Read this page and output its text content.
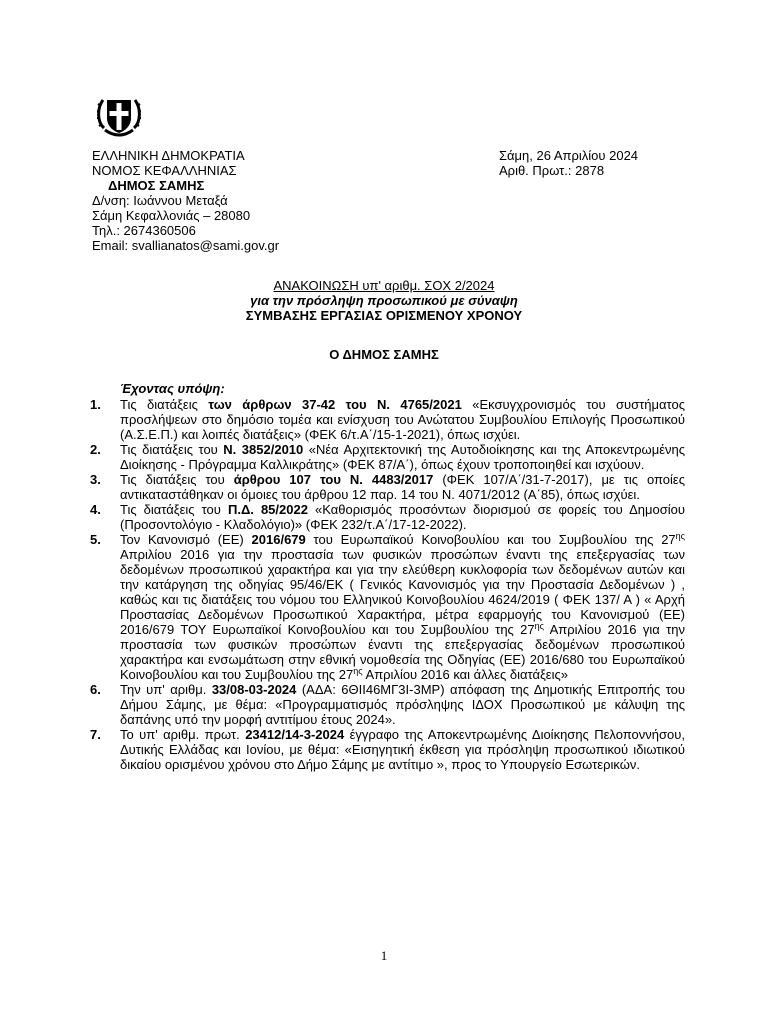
ΕΛΛΗΝΙΚΗ ΔΗΜΟΚΡΑΤΙΑ
ΝΟΜΟΣ ΚΕΦΑΛΛΗΝΙΑΣ
ΔΗΜΟΣ ΣΑΜΗΣ
Δ/νση: Ιωάννου Μεταξά
Σάμη Κεφαλλονιάς – 28080
Τηλ.: 2674360506
Email: svallianatos@sami.gov.gr
Σάμη, 26 Απριλίου 2024
Αριθ. Πρωτ.: 2878
ΑΝΑΚΟΙΝΩΣΗ υπ' αριθμ. ΣΟΧ 2/2024
για την πρόσληψη προσωπικού με σύναψη
ΣΥΜΒΑΣΗΣ ΕΡΓΑΣΙΑΣ ΟΡΙΣΜΕΝΟΥ ΧΡΟΝΟΥ
Ο ΔΗΜΟΣ ΣΑΜΗΣ
Έχοντας υπόψη:

1. Τις διατάξεις των άρθρων 37-42 του Ν. 4765/2021 «Εκσυγχρονισμός του συστήματος προσλήψεων στο δημόσιο τομέα και ενίσχυση του Ανώτατου Συμβουλίου Επιλογής Προσωπικού (Α.Σ.Ε.Π.) και λοιπές διατάξεις» (ΦΕΚ 6/τ.Α΄/15-1-2021), όπως ισχύει.

2. Τις διατάξεις του Ν. 3852/2010 «Νέα Αρχιτεκτονική της Αυτοδιοίκησης και της Αποκεντρωμένης Διοίκησης - Πρόγραμμα Καλλικράτης» (ΦΕΚ 87/Α΄), όπως έχουν τροποποιηθεί και ισχύουν.

3. Τις διατάξεις του άρθρου 107 του Ν. 4483/2017 (ΦΕΚ 107/Α΄/31-7-2017), με τις οποίες αντικαταστάθηκαν οι όμοιες του άρθρου 12 παρ. 14 του Ν. 4071/2012 (Α΄85), όπως ισχύει.

4. Τις διατάξεις του Π.Δ. 85/2022 «Καθορισμός προσόντων διορισμού σε φορείς του Δημοσίου (Προσοντολόγιο - Κλαδολόγιο)» (ΦΕΚ 232/τ.Α΄/17-12-2022).

5. Τον Κανονισμό (ΕΕ) 2016/679 του Ευρωπαϊκού Κοινοβουλίου και του Συμβουλίου της $27^{\eta\varsigma}$ Απριλίου 2016 για την προστασία των φυσικών προσώπων έναντι της επεξεργασίας των δεδομένων προσωπικού χαρακτήρα και για την ελεύθερη κυκλοφορία των δεδομένων αυτών και την κατάργηση της οδηγίας 95/46/ΕΚ ( Γενικός Κανονισμός για την Προστασία Δεδομένων ) , καθώς και τις διατάξεις του νόμου του Ελληνικού Κοινοβουλίου 4624/2019 ( ΦΕΚ 137/ Α ) « Αρχή Προστασίας Δεδομένων Προσωπικού Χαρακτήρα, μέτρα εφαρμογής του Κανονισμού (ΕΕ) 2016/679 ΤΟΥ Ευρωπαϊκοί Κοινοβουλίου και του Συμβουλίου της $27^{\eta\varsigma}$ Απριλίου 2016 για την προστασία των φυσικών προσώπων έναντι της επεξεργασίας δεδομένων προσωπικού χαρακτήρα και ενσωμάτωση στην εθνική νομοθεσία της Οδηγίας (ΕΕ) 2016/680 του Ευρωπαϊκού Κοινοβουλίου και του Συμβουλίου της $27^{\eta\varsigma}$ Απριλίου 2016 και άλλες διατάξεις»

6. Την υπ' αριθμ. 33/08-03-2024 (ΑΔΑ: 6ΘΙΙ46ΜΓ3Ι-3ΜΡ) απόφαση της Δημοτικής Επιτροπής του Δήμου Σάμης, με θέμα: «Προγραμματισμός πρόσληψης ΙΔΟΧ Προσωπικού με κάλυψη της δαπάνης υπό την μορφή αντιτίμου έτους 2024».

7. Το υπ' αριθμ. πρωτ. 23412/14-3-2024 έγγραφο της Αποκεντρωμένης Διοίκησης Πελοποννήσου, Δυτικής Ελλάδας και Ιονίου, με θέμα: «Εισηγητική έκθεση για πρόσληψη προσωπικού ιδιωτικού δικαίου ορισμένου χρόνου στο Δήμο Σάμης με αντίτιμο », προς το Υπουργείο Εσωτερικών.

1
